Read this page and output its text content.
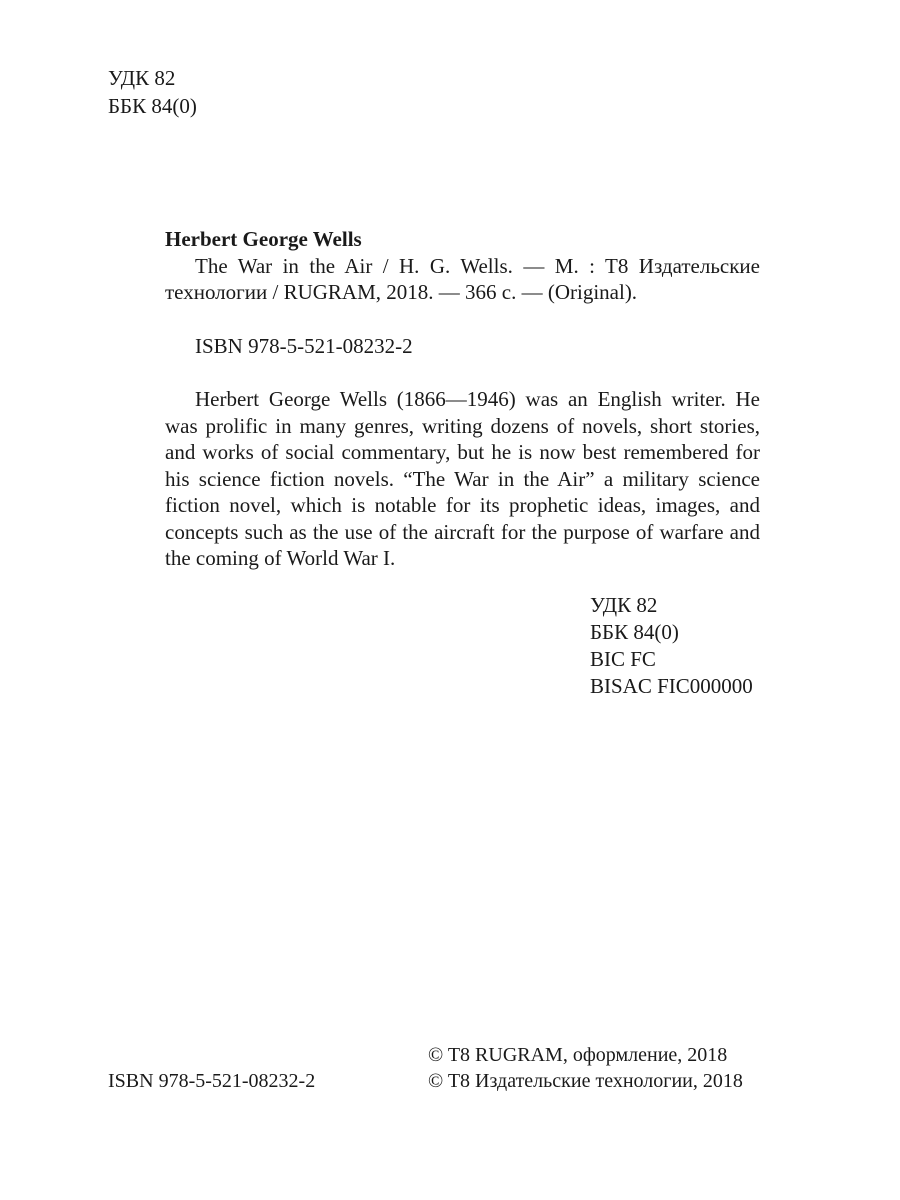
УДК 82
ББК 84(0)
Herbert George Wells

The War in the Air / H. G. Wells. — M. : T8 Издательские технологии / RUGRAM, 2018. — 366 с. — (Original).

ISBN 978-5-521-08232-2
Herbert George Wells (1866—1946) was an English writer. He was prolific in many genres, writing dozens of novels, short stories, and works of social commentary, but he is now best remembered for his science fiction novels. “The War in the Air” a military science fiction novel, which is notable for its prophetic ideas, images, and concepts such as the use of the aircraft for the purpose of warfare and the coming of World War I.
УДК 82
ББК 84(0)
BIC FC
BISAC FIC000000
ISBN 978-5-521-08232-2
© T8 RUGRAM, оформление, 2018
© T8 Издательские технологии, 2018
